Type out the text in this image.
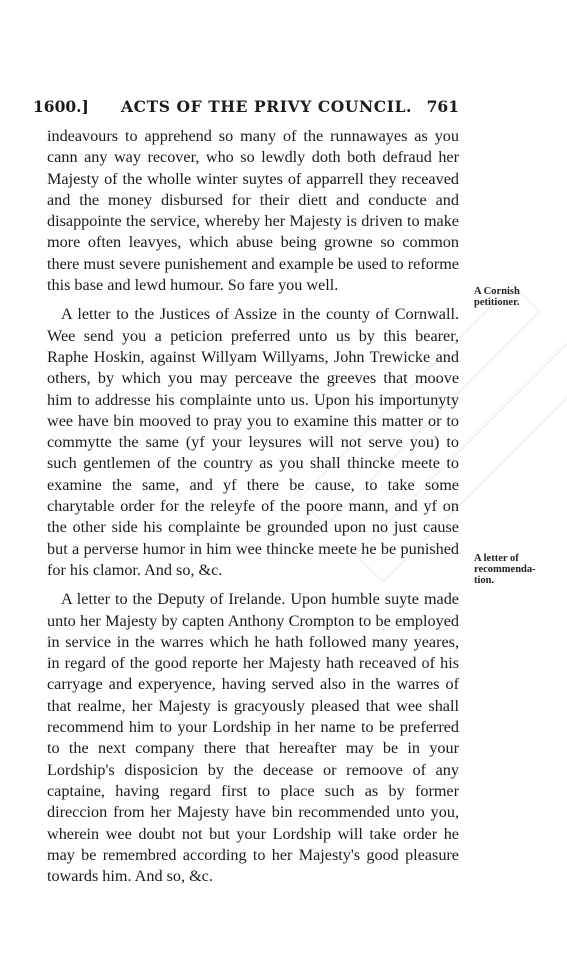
1600.] ACTS OF THE PRIVY COUNCIL. 761

indeavours to apprehend so many of the runnawayes as you cann any way recover, who so lewdly doth both defraud her Majesty of the wholle winter suytes of apparrell they receaved and the money disbursed for their diett and conducte and disappointe the service, whereby her Majesty is driven to make more often leavyes, which abuse being growne so common there must severe punishement and example be used to reforme this base and lewd humour. So fare you well.

A letter to the Justices of Assize in the county of Cornwall. Wee send you a peticion preferred unto us by this bearer, Raphe Hoskin, against Willyam Willyams, John Trewicke and others, by which you may perceave the greeves that moove him to addresse his complainte unto us. Upon his importunyty wee have bin mooved to pray you to examine this matter or to commytte the same (yf your leysures will not serve you) to such gentlemen of the country as you shall thincke meete to examine the same, and yf there be cause, to take some charytable order for the releyfe of the poore mann, and yf on the other side his complainte be grounded upon no just cause but a perverse humor in him wee thincke meete he be punished for his clamor. And so, &c.

A letter to the Deputy of Irelande. Upon humble suyte made unto her Majesty by capten Anthony Crompton to be employed in service in the warres which he hath followed many yeares, in regard of the good reporte her Majesty hath receaved of his carryage and experyence, having served also in the warres of that realme, her Majesty is gracyously pleased that wee shall recommend him to your Lordship in her name to be preferred to the next company there that hereafter may be in your Lordship's disposicion by the decease or remoove of any captaine, having regard first to place such as by former direccion from her Majesty have bin recommended unto you, wherein wee doubt not but your Lordship will take order he may be remembred according to her Majesty's good pleasure towards him. And so, &c.

A Cornish
petitioner.
A letter of
recommenda-
tion.
